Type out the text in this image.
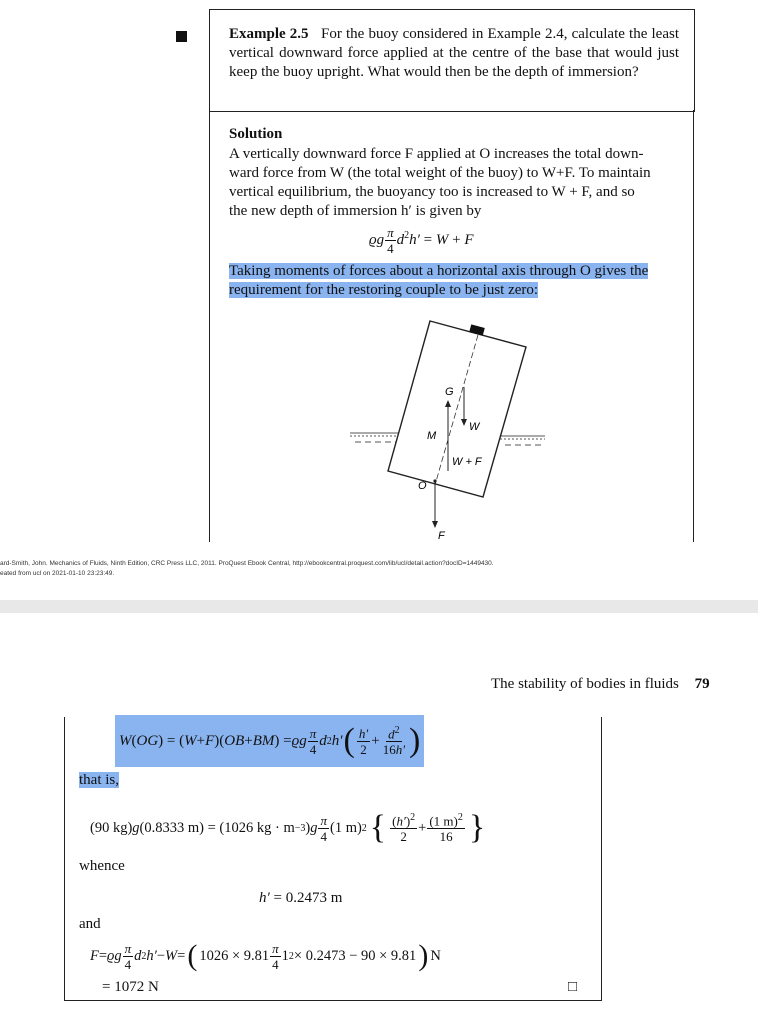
Example 2.5 For the buoy considered in Example 2.4, calculate the least vertical downward force applied at the centre of the base that would just keep the buoy upright. What would then be the depth of immersion?
Solution
A vertically downward force F applied at O increases the total down-
ward force from W (the total weight of the buoy) to W+F. To maintain
vertical equilibrium, the buoyancy too is increased to W + F, and so
the new depth of immersion h′ is given by
ϱg $\frac{\pi}{4} d^2h' = W + F$
Taking moments of forces about a horizontal axis through O gives the
requirement for the restoring couple to be just zero:
G
M
W
W + F
O
F
ard-Smith, John. Mechanics of Fluids, Ninth Edition, CRC Press LLC, 2011. ProQuest Ebook Central, http://ebookcentral.proquest.com/lib/ucl/detail.action?docID=1449430.
eated from ucl on 2021-01-10 23:23:49.
The stability of bodies in fluids 79
W ( OG ) = ( W + F )( OB + BM ) = ϱg $\frac{\pi}{4}$ d 2 h′ ( $\frac{h'}{2} + \frac{d^2}{16h'}$ )
that is,
(90 kg) g (0.8333 m) = (1026 kg · m −3 ) g $\frac{\pi}{4} (1$ m) 2 { $\frac{(h')^2}{2} + \frac{(1 m)^2}{16}$ }
whence
h′ = 0.2473 m
and
F = ϱg $\frac{\pi}{4}$ d 2 h′ − W = ( $1026 \times 9.81 \frac{\pi}{4} 1$ 2 × 0.2473 − 90 × 9.81 ) N
= 1072 N	□
